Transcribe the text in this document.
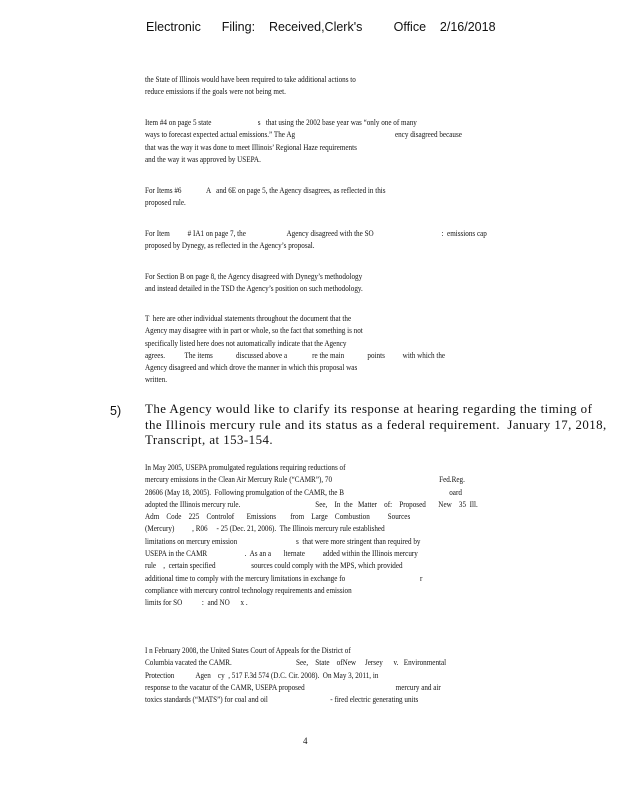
Electronic      Filing:    Received,Clerk's         Office    2/16/2018
the State of Illinois would have been required to take additional actions to
reduce emissions if the goals were not being met.
Item #4 on page 5 state                          s   that using the 2002 base year was “only one of many
ways to forecast expected actual emissions.” The Ag                                                        ency disagreed because
that was the way it was done to meet Illinois’ Regional Haze requirements
and the way it was approved by USEPA.
For Items #6              A   and 6E on page 5, the Agency disagrees, as reflected in this
proposed rule.
For Item          # IA1 on page 7, the                       Agency disagreed with the SO                                      :  emissions cap
proposed by Dynegy, as reflected in the Agency’s proposal.
For Section B on page 8, the Agency disagreed with Dynegy’s methodology
and instead detailed in the TSD the Agency’s position on such methodology.
T  here are other individual statements throughout the document that the
Agency may disagree with in part or whole, so the fact that something is not
specifically listed here does not automatically indicate that the Agency
agrees.           The items             discussed above a              re the main             points          with which the
Agency disagreed and which drove the manner in which this proposal was
written.
5) The Agency would like to clarify its response at hearing regarding the timing of
the Illinois mercury rule and its status as a federal requirement.  January 17, 2018,
Transcript, at 153-154.
In May 2005, USEPA promulgated regulations requiring reductions of
mercury emissions in the Clean Air Mercury Rule (“CAMR”), 70                                                            Fed.Reg.
28606 (May 18, 2005).  Following promulgation of the CAMR, the B                                                           oard
adopted the Illinois mercury rule.                                          See,    In  the   Matter    of:    Proposed       New    35  Ill.
Adm    Code    225    Controlof       Emissions        from    Large    Combustion          Sources
(Mercury)          , R06     - 25 (Dec. 21, 2006).  The Illinois mercury rule established
limitations on mercury emission                                 s  that were more stringent than required by
USEPA in the CAMR                     .  As an a       lternate          added within the Illinois mercury
rule    ,  certain specified                    sources could comply with the MPS, which provided
additional time to comply with the mercury limitations in exchange fo                                          r
compliance with mercury control technology requirements and emission
limits for SO           :  and NO      x .
I n February 2008, the United States Court of Appeals for the District of
Columbia vacated the CAMR.                                    See,    State    ofNew     Jersey      v.   Environmental
Protection            Agen    cy  , 517 F.3d 574 (D.C. Cir. 2008).  On May 3, 2011, in
response to the vacatur of the CAMR, USEPA proposed                                                   mercury and air
toxics standards (“MATS”) for coal and oil                                   - fired electric generating units
4
